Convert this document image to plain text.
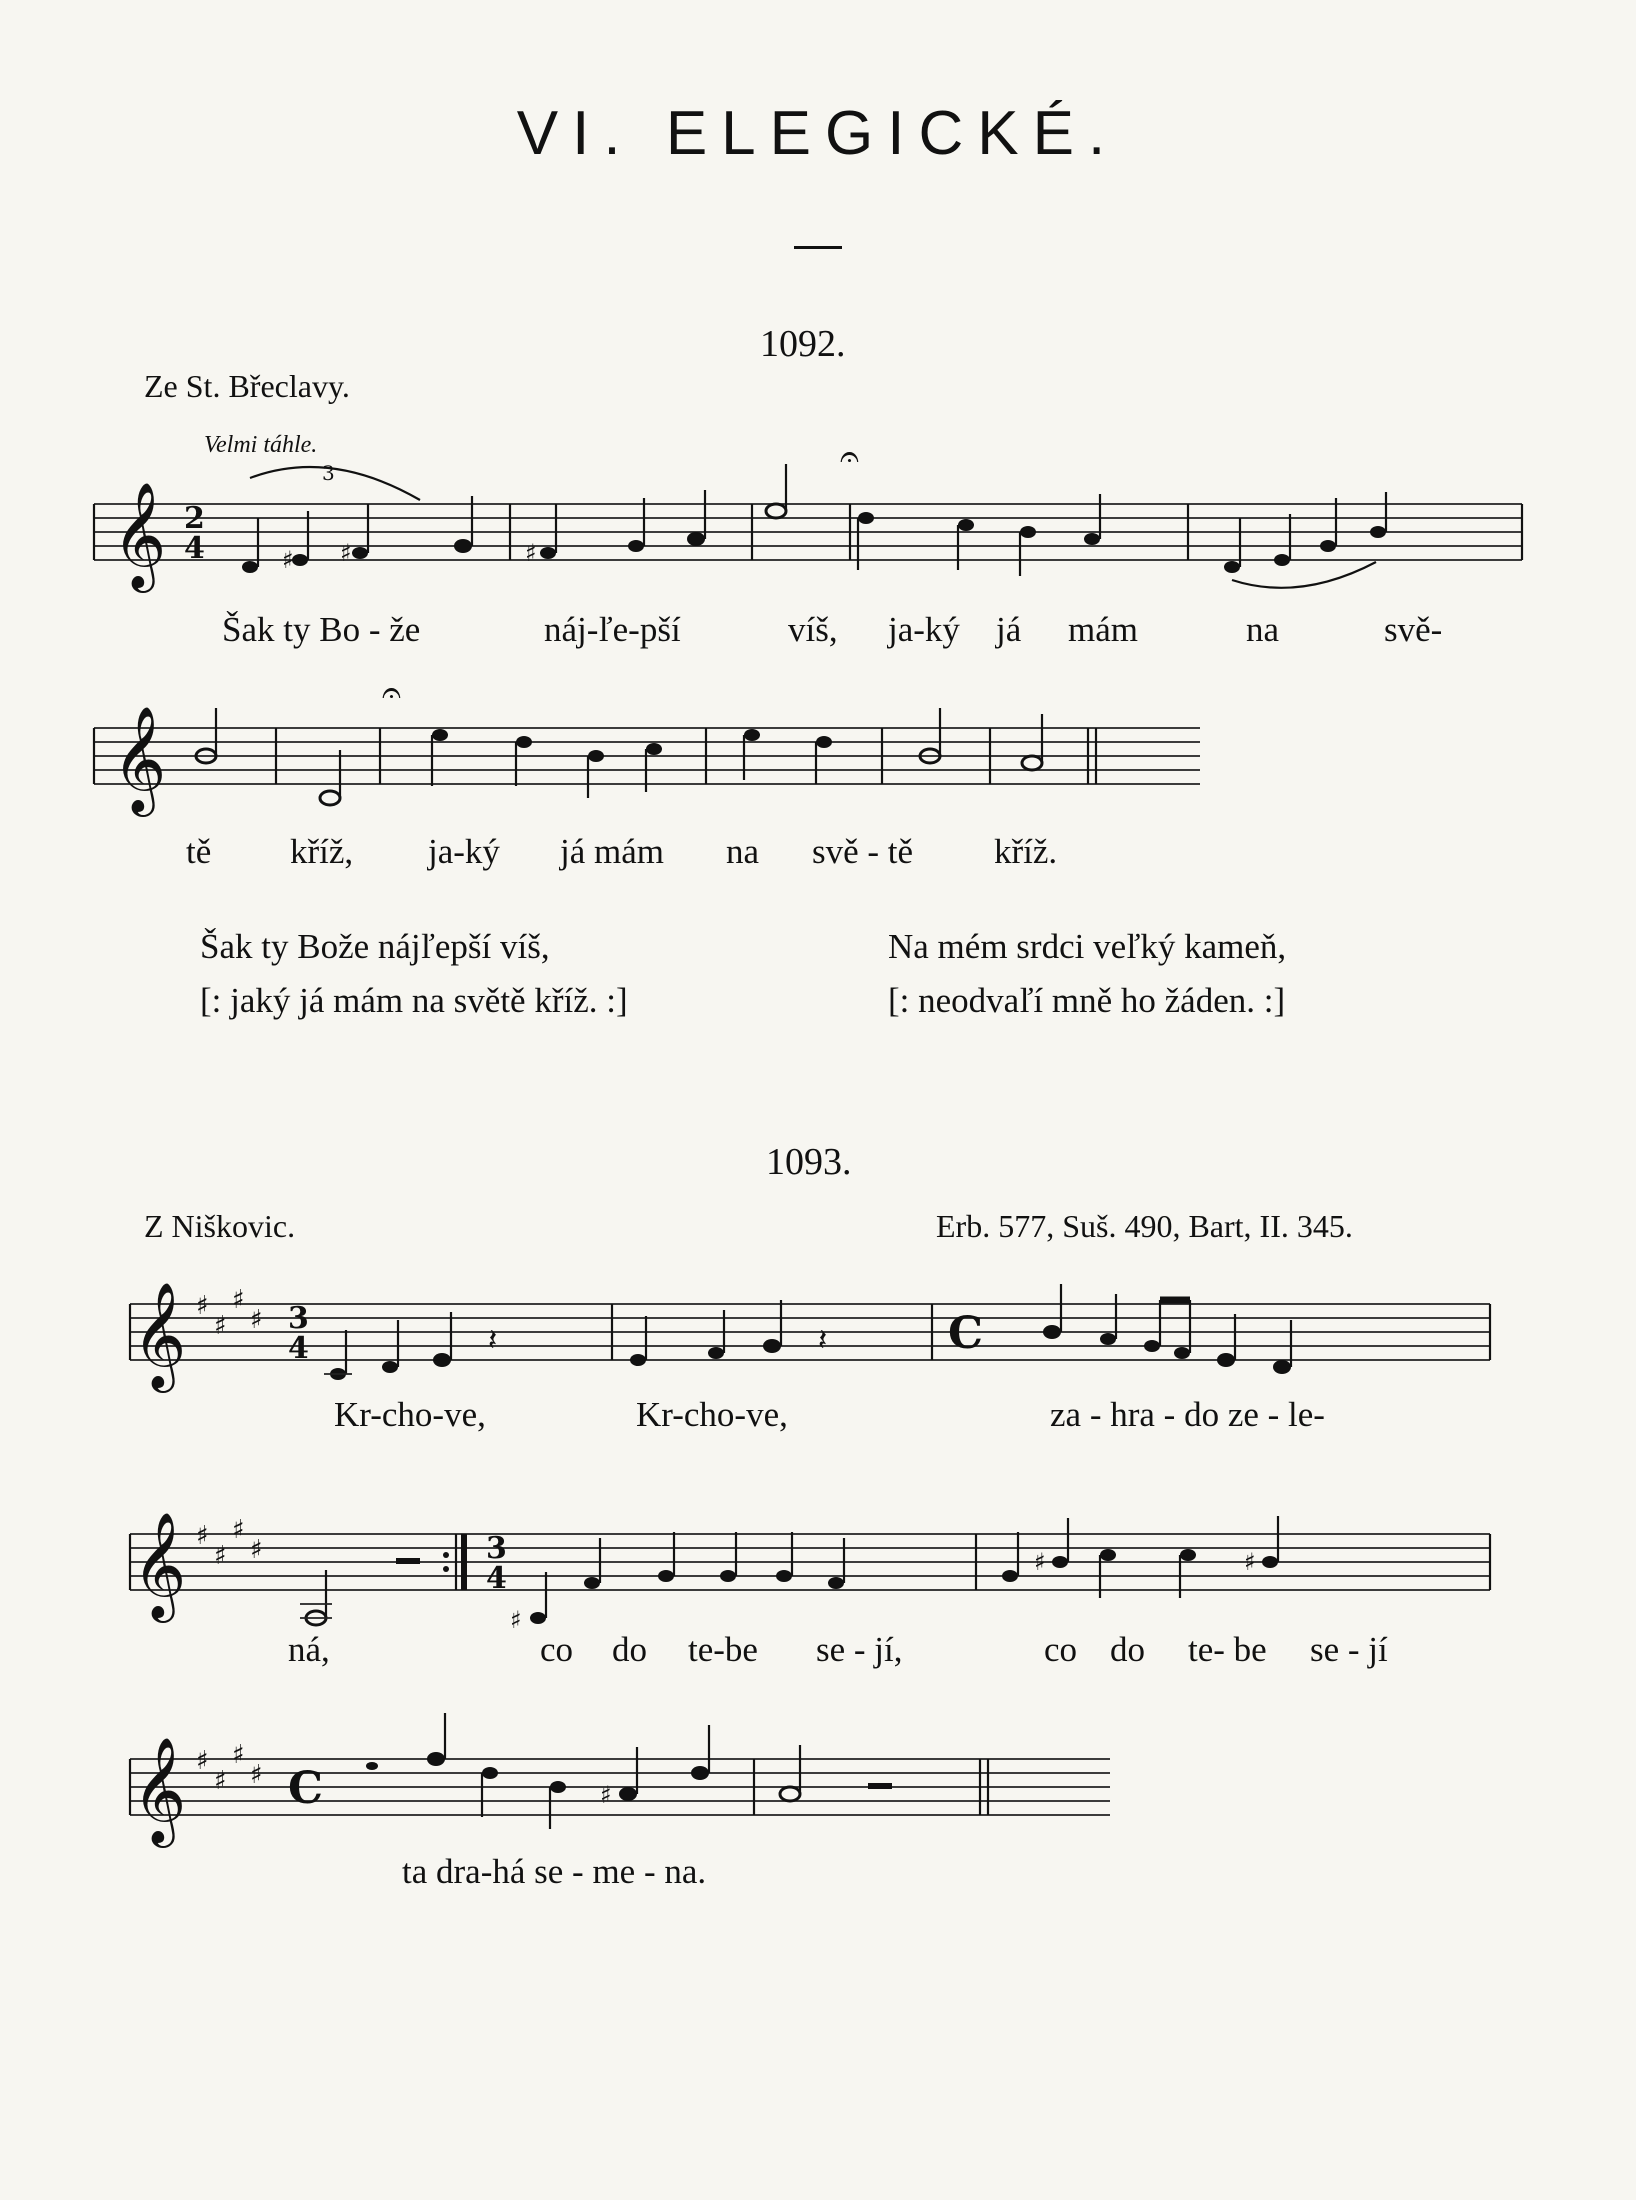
VI. ELEGICKÉ.
1092.
Ze St. Břeclavy.
Velmi táhle.
𝄞 2
4
3
♯ ♯	♯
𝄐
Šak ty Bo - že	náj-ľe-pší	víš, ja-ký já mám	na	svě-
𝄞
𝄐
tě kříž, ja-ký já mám na svě - tě kříž.
Šak ty Bože nájľepší víš,
[: jaký já mám na světě kříž. :]
Na mém srdci veľký kameň,
[: neodvaľí mně ho žáden. :]
1093.
Z Niškovic.	Erb. 577, Suš. 490, Bart, II. 345.
𝄞 ♯
♯
♯
♯ 3
4	𝄽	𝄽	C
Kr-cho-ve,	Kr-cho-ve,	za - hra - do ze - le-
𝄞 ♯
♯
♯
♯	3
4
♯
♯	♯
ná,	co do te-be se - jí,	co do te- be se - jí
𝄞 ♯
♯
♯
♯ C	♯
ta dra-há se - me - na.
